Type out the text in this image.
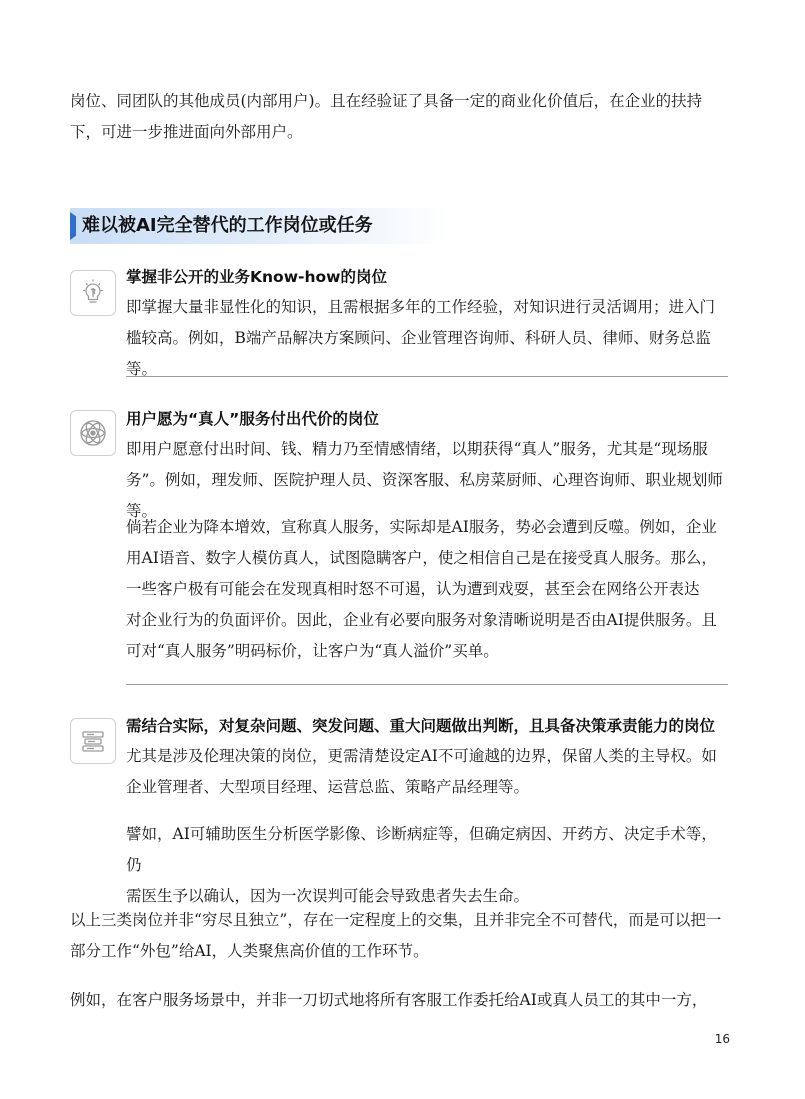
岗位、同团队的其他成员(内部用户)。且在经验证了具备一定的商业化价值后，在企业的扶持
下，可进一步推进面向外部用户。
难以被AI完全替代的工作岗位或任务
掌握非公开的业务Know-how的岗位
即掌握大量非显性化的知识，且需根据多年的工作经验，对知识进行灵活调用；进入门
槛较高。例如，B端产品解决方案顾问、企业管理咨询师、科研人员、律师、财务总监等。
用户愿为“真人”服务付出代价的岗位
即用户愿意付出时间、钱、精力乃至情感情绪，以期获得“真人”服务，尤其是“现场服
务”。例如，理发师、医院护理人员、资深客服、私房菜厨师、心理咨询师、职业规划师等。
倘若企业为降本增效，宣称真人服务，实际却是AI服务，势必会遭到反噬。例如，企业
用AI语音、数字人模仿真人，试图隐瞒客户，使之相信自己是在接受真人服务。那么，
一些客户极有可能会在发现真相时怒不可遏，认为遭到戏耍，甚至会在网络公开表达
对企业行为的负面评价。因此，企业有必要向服务对象清晰说明是否由AI提供服务。且
可对“真人服务”明码标价，让客户为“真人溢价”买单。
需结合实际，对复杂问题、突发问题、重大问题做出判断，且具备决策承责能力的岗位
尤其是涉及伦理决策的岗位，更需清楚设定AI不可逾越的边界，保留人类的主导权。如
企业管理者、大型项目经理、运营总监、策略产品经理等。
譬如，AI可辅助医生分析医学影像、诊断病症等，但确定病因、开药方、决定手术等，仍
需医生予以确认，因为一次误判可能会导致患者失去生命。
以上三类岗位并非“穷尽且独立”，存在一定程度上的交集，且并非完全不可替代，而是可以把一
部分工作“外包”给AI，人类聚焦高价值的工作环节。
例如，在客户服务场景中，并非一刀切式地将所有客服工作委托给AI或真人员工的其中一方，
16
